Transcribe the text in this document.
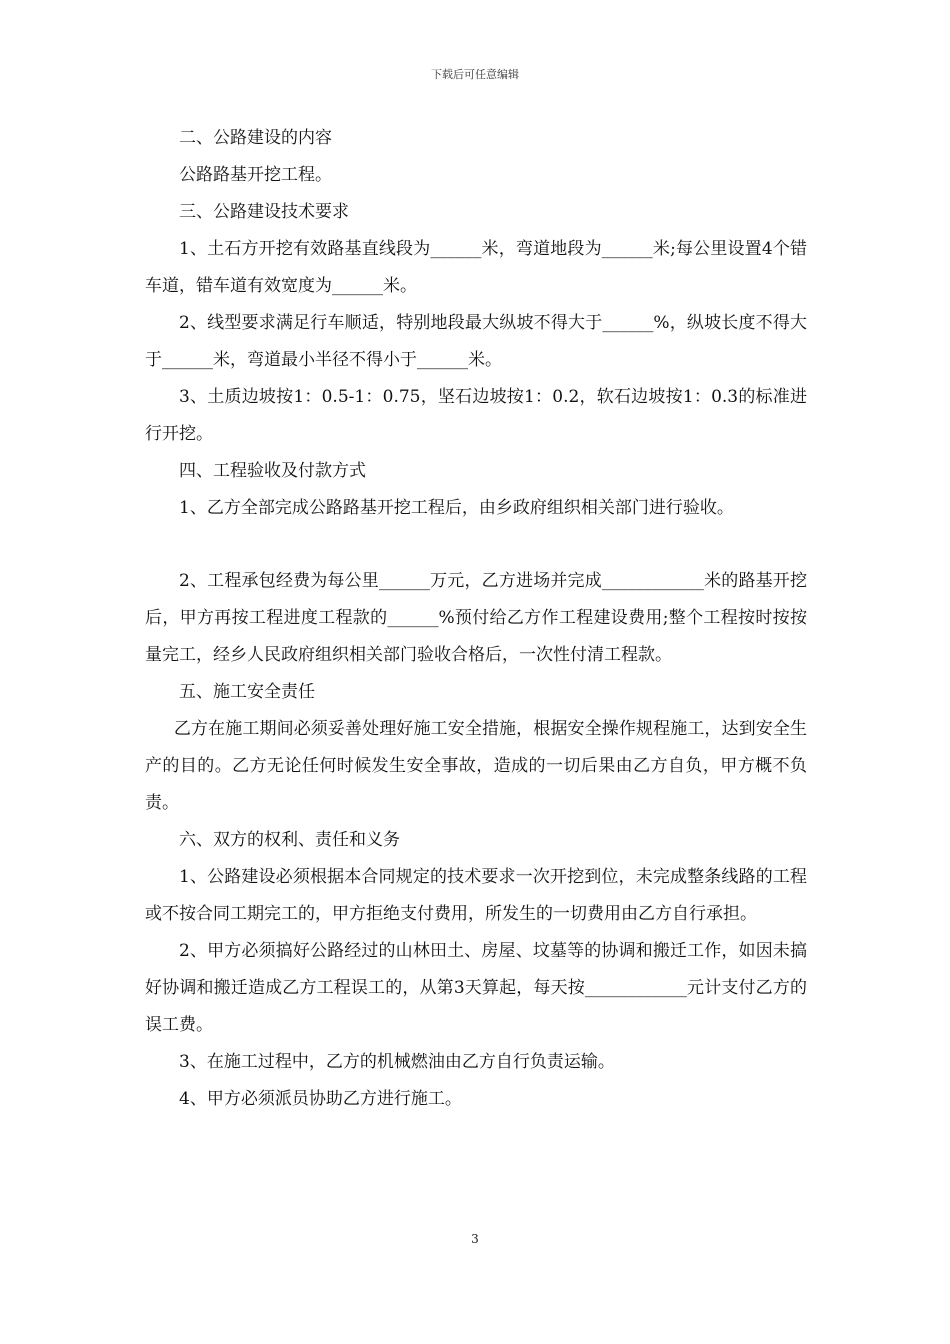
下载后可任意编辑

二、公路建设的内容

公路路基开挖工程。

三、公路建设技术要求

1、土石方开挖有效路基直线段为______米，弯道地段为______米;每公里设置4个错车道，错车道有效宽度为______米。

2、线型要求满足行车顺适，特别地段最大纵坡不得大于______%，纵坡长度不得大于______米，弯道最小半径不得小于______米。

3、土质边坡按1：0.5-1：0.75，坚石边坡按1：0.2，软石边坡按1：0.3的标准进行开挖。

四、工程验收及付款方式

1、乙方全部完成公路路基开挖工程后，由乡政府组织相关部门进行验收。

2、工程承包经费为每公里______万元，乙方进场并完成____________米的路基开挖后，甲方再按工程进度工程款的______%预付给乙方作工程建设费用;整个工程按时按按量完工，经乡人民政府组织相关部门验收合格后，一次性付清工程款。

五、施工安全责任

乙方在施工期间必须妥善处理好施工安全措施，根据安全操作规程施工，达到安全生产的目的。乙方无论任何时候发生安全事故，造成的一切后果由乙方自负，甲方概不负责。

六、双方的权利、责任和义务

1、公路建设必须根据本合同规定的技术要求一次开挖到位，未完成整条线路的工程或不按合同工期完工的，甲方拒绝支付费用，所发生的一切费用由乙方自行承担。

2、甲方必须搞好公路经过的山林田土、房屋、坟墓等的协调和搬迁工作，如因未搞好协调和搬迁造成乙方工程误工的，从第3天算起，每天按____________元计支付乙方的误工费。

3、在施工过程中，乙方的机械燃油由乙方自行负责运输。

4、甲方必须派员协助乙方进行施工。

3
